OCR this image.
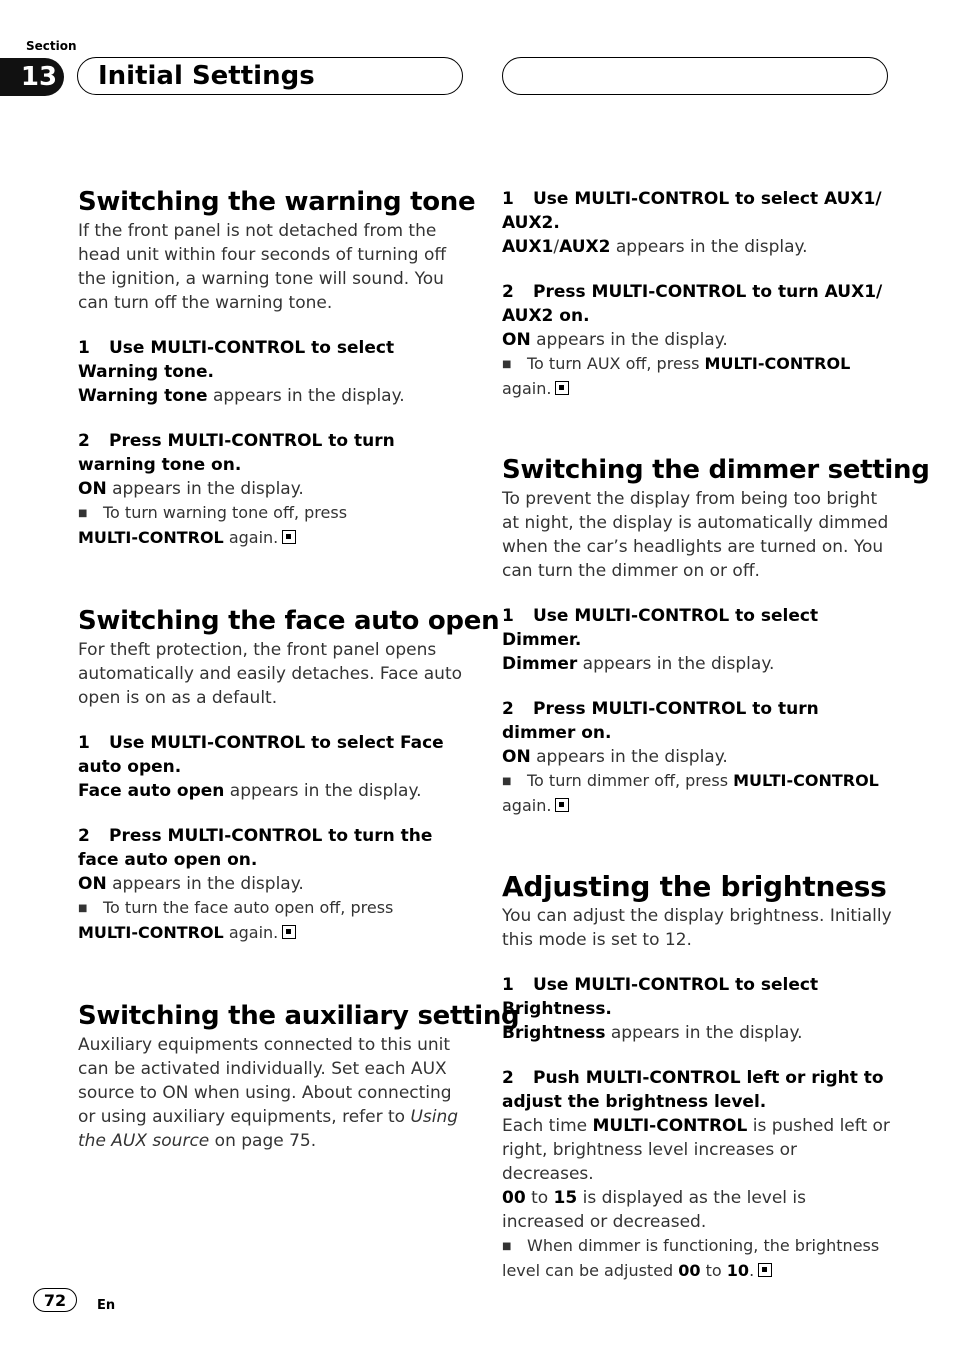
Section
13 Initial Settings
Switching the warning tone

If the front panel is not detached from the head unit within four seconds of turning off the ignition, a warning tone will sound. You can turn off the warning tone.

1 Use MULTI-CONTROL to select Warning tone.

Warning tone appears in the display.

2 Press MULTI-CONTROL to turn warning tone on.

ON appears in the display.

■ To turn warning tone off, press
MULTI-CONTROL again.
Switching the face auto open

For theft protection, the front panel opens automatically and easily detaches. Face auto open is on as a default.

1 Use MULTI-CONTROL to select Face auto open.

Face auto open appears in the display.

2 Press MULTI-CONTROL to turn the face auto open on.

ON appears in the display.

■ To turn the face auto open off, press
MULTI-CONTROL again.
Switching the auxiliary setting

Auxiliary equipments connected to this unit can be activated individually. Set each AUX source to ON when using. About connecting or using auxiliary equipments, refer to Using the AUX source on page 75.

1 Use MULTI-CONTROL to select AUX1/ AUX2.

AUX1/AUX2 appears in the display.

2 Press MULTI-CONTROL to turn AUX1/ AUX2 on.

ON appears in the display.

■ To turn AUX off, press MULTI-CONTROL
again.
Switching the dimmer setting

To prevent the display from being too bright at night, the display is automatically dimmed when the car’s headlights are turned on. You can turn the dimmer on or off.

1 Use MULTI-CONTROL to select Dimmer.

Dimmer appears in the display.

2 Press MULTI-CONTROL to turn dimmer on.

ON appears in the display.

■ To turn dimmer off, press MULTI-CONTROL
again.
Adjusting the brightness

You can adjust the display brightness. Initially this mode is set to 12.

1 Use MULTI-CONTROL to select Brightness.

Brightness appears in the display.

2 Push MULTI-CONTROL left or right to adjust the brightness level.

Each time MULTI-CONTROL is pushed left or right, brightness level increases or decreases.
00 to 15 is displayed as the level is increased or decreased.

■ When dimmer is functioning, the brightness level can be adjusted 00 to 10.
72	En
